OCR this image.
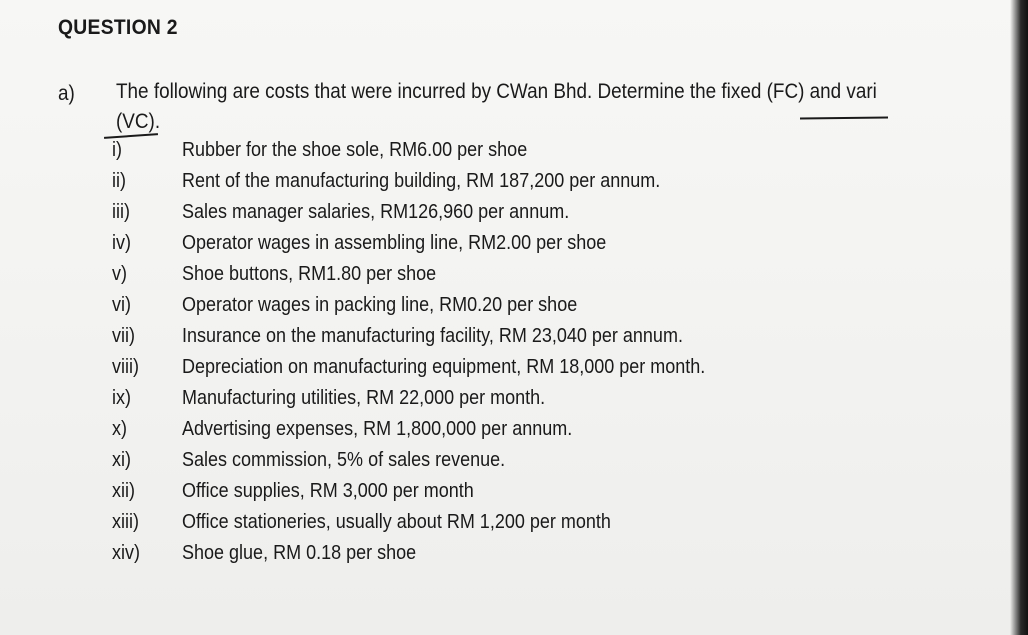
QUESTION 2
a) The following are costs that were incurred by CWan Bhd. Determine the fixed (FC) and vari
(VC).
i)	Rubber for the shoe sole, RM6.00 per shoe
ii)	Rent of the manufacturing building, RM 187,200 per annum.
iii)	Sales manager salaries, RM126,960 per annum.
iv)	Operator wages in assembling line, RM2.00 per shoe
v)	Shoe buttons, RM1.80 per shoe
vi)	Operator wages in packing line, RM0.20 per shoe
vii) Insurance on the manufacturing facility, RM 23,040 per annum.
viii) Depreciation on manufacturing equipment, RM 18,000 per month.
ix)	Manufacturing utilities, RM 22,000 per month.
x)	Advertising expenses, RM 1,800,000 per annum.
xi)	Sales commission, 5% of sales revenue.
xii) Office supplies, RM 3,000 per month
xiii) Office stationeries, usually about RM 1,200 per month
xiv) Shoe glue, RM 0.18 per shoe
